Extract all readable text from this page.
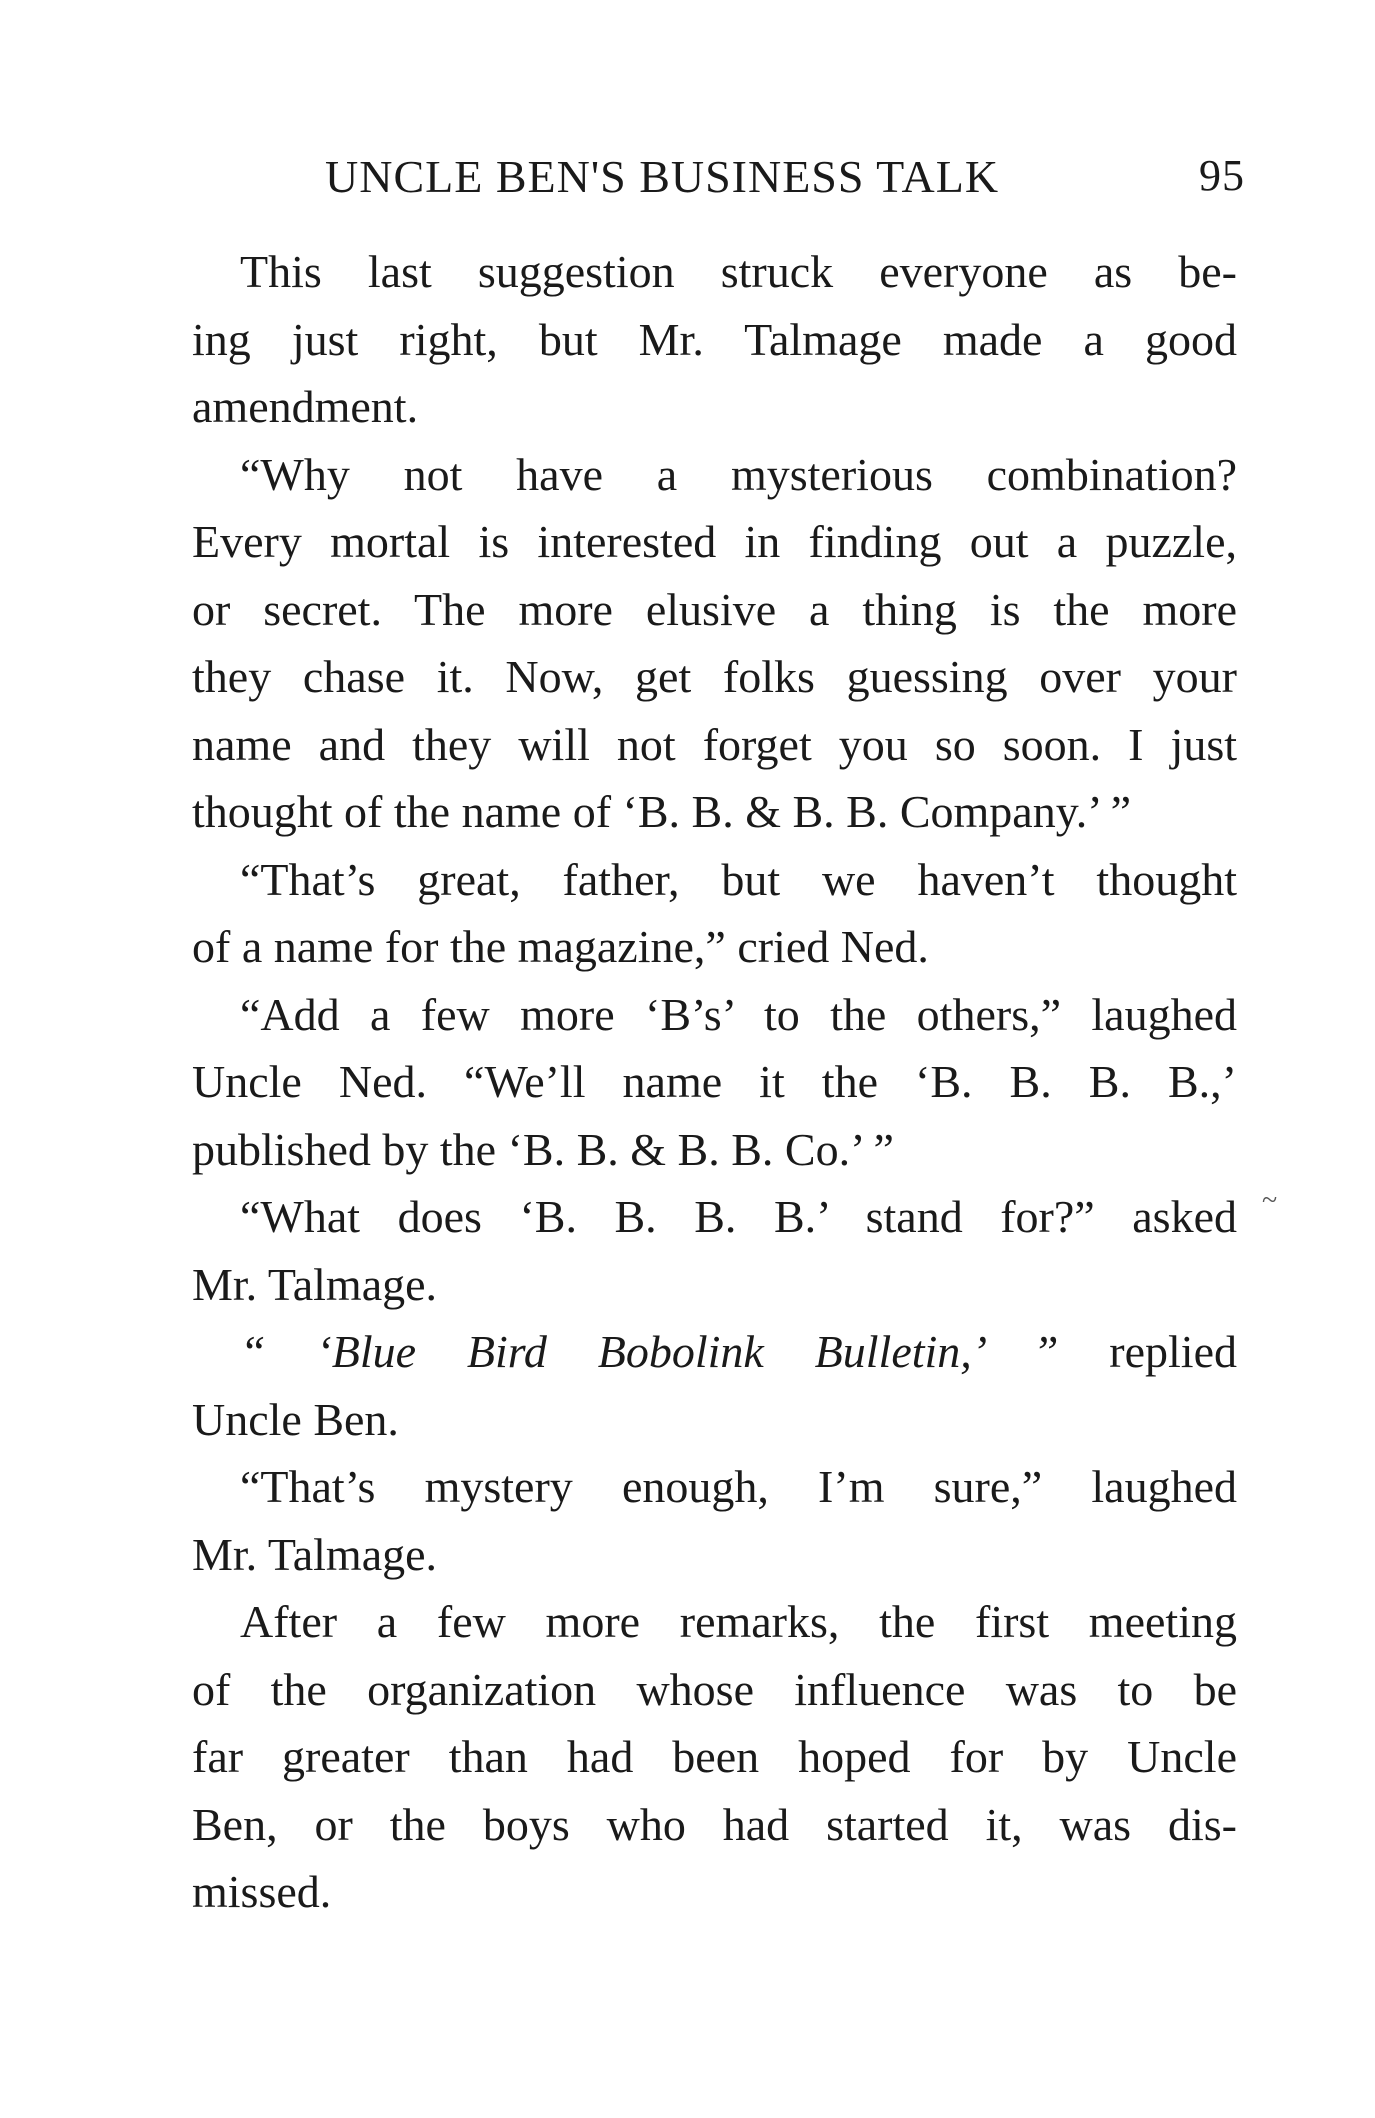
UNCLE BEN'S BUSINESS TALK	95
This last suggestion struck everyone as be-
ing just right, but Mr. Talmage made a good
amendment.
“Why not have a mysterious combination?
Every mortal is interested in finding out a puzzle,
or secret. The more elusive a thing is the more
they chase it. Now, get folks guessing over your
name and they will not forget you so soon. I just
thought of the name of ‘B. B. & B. B. Company.’ ”
“That’s great, father, but we haven’t thought
of a name for the magazine,” cried Ned.
“Add a few more ‘B’s’ to the others,” laughed
Uncle Ned. “We’ll name it the ‘B. B. B. B.,’
published by the ‘B. B. & B. B. Co.’ ”
“What does ‘B. B. B. B.’ stand for?” asked
Mr. Talmage.
“ ‘Blue Bird Bobolink Bulletin,’ ” replied
Uncle Ben.
“That’s mystery enough, I’m sure,” laughed
Mr. Talmage.
After a few more remarks, the first meeting
of the organization whose influence was to be
far greater than had been hoped for by Uncle
Ben, or the boys who had started it, was dis-
missed.
~
